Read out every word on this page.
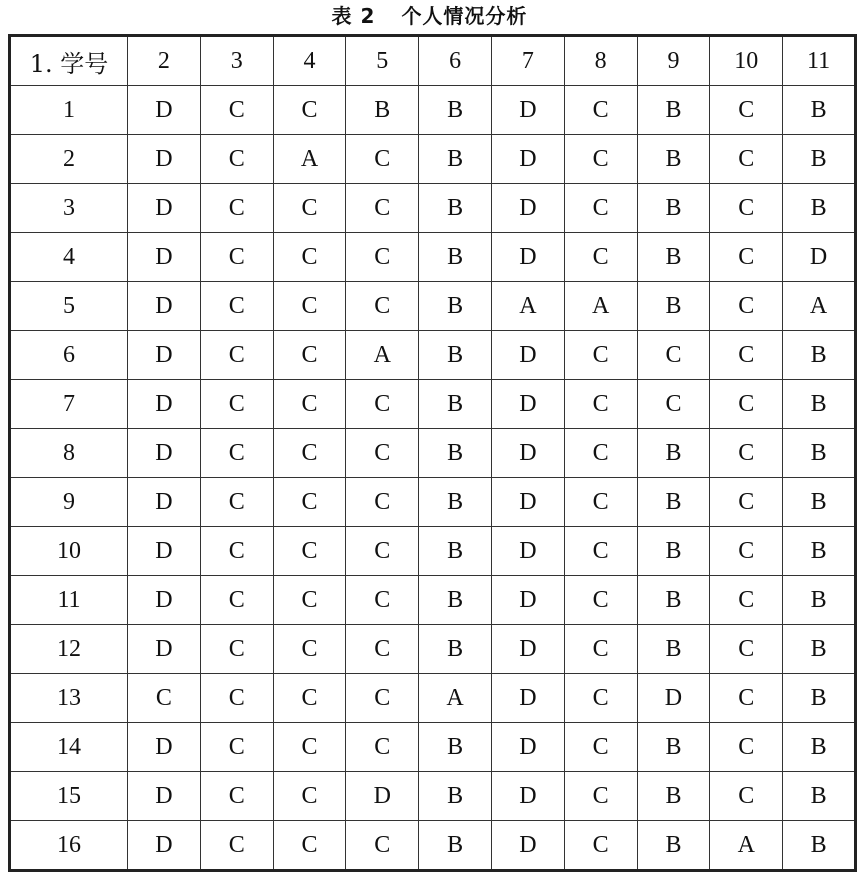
表 2 个人情况分析
1. 学号	2	3	4	5	6	7	8	9	10	11
1	D	C	C	B	B	D	C	B	C	B
2	D	C	A	C	B	D	C	B	C	B
3	D	C	C	C	B	D	C	B	C	B
4	D	C	C	C	B	D	C	B	C	D
5	D	C	C	C	B	A	A	B	C	A
6	D	C	C	A	B	D	C	C	C	B
7	D	C	C	C	B	D	C	C	C	B
8	D	C	C	C	B	D	C	B	C	B
9	D	C	C	C	B	D	C	B	C	B
10	D	C	C	C	B	D	C	B	C	B
11	D	C	C	C	B	D	C	B	C	B
12	D	C	C	C	B	D	C	B	C	B
13	C	C	C	C	A	D	C	D	C	B
14	D	C	C	C	B	D	C	B	C	B
15	D	C	C	D	B	D	C	B	C	B
16	D	C	C	C	B	D	C	B	A	B
